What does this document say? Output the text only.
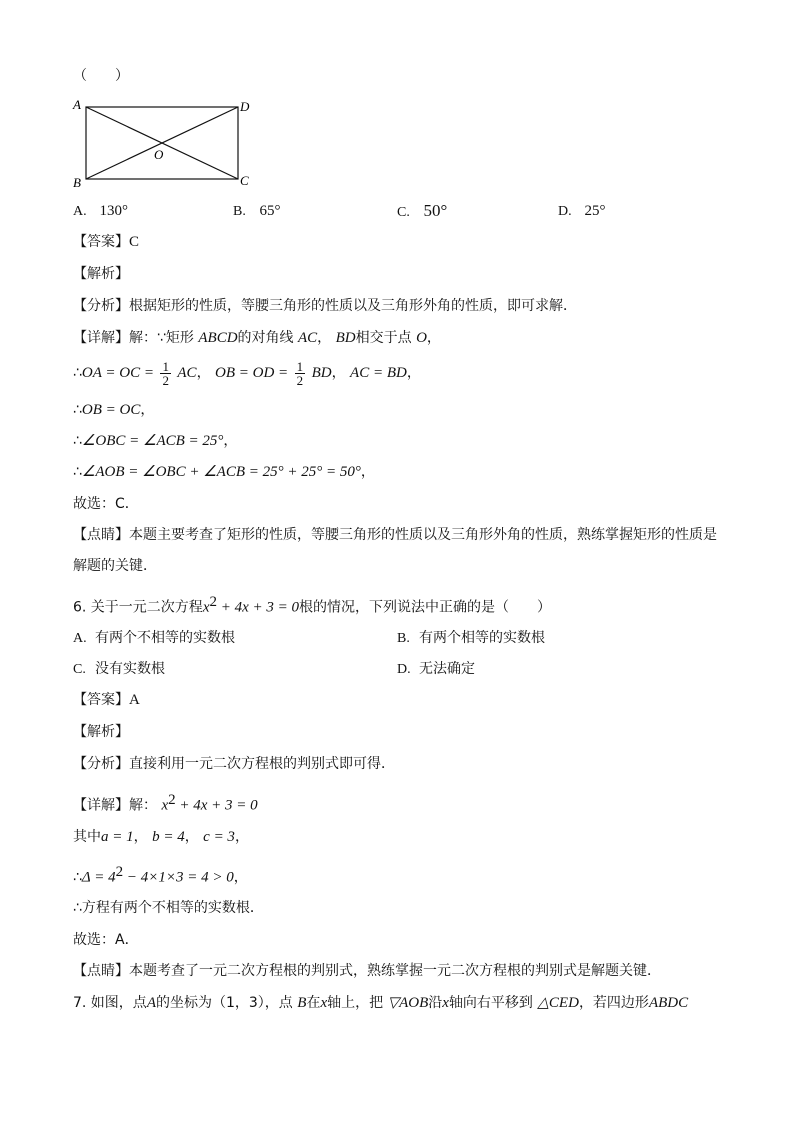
（　　）
A	D
B	C
O
A. 130°	B. 65°	C. 50°	D. 25°
【答案】C
【解析】
【分析】根据矩形的性质，等腰三角形的性质以及三角形外角的性质，即可求解．
【详解】解：∵矩形 ABCD的对角线 AC， BD相交于点 O，
∴OA = OC = $\frac{1}{2}$ AC， OB = OD = $\frac{1}{2}$ BD， AC = BD，
∴OB = OC，
∴∠OBC = ∠ACB = 25°，
∴∠AOB = ∠OBC + ∠ACB = 25° + 25° = 50°，
故选：C．
【点睛】本题主要考查了矩形的性质，等腰三角形的性质以及三角形外角的性质，熟练掌握矩形的性质是
解题的关键．
6. 关于一元二次方程$x^2 + 4x + 3 = 0$根的情况，下列说法中正确的是（　　）
A. 有两个不相等的实数根	B. 有两个相等的实数根
C. 没有实数根	D. 无法确定
【答案】A
【解析】
【分析】直接利用一元二次方程根的判别式即可得．
【详解】解： $x^2 + 4x + 3 = 0$
其中a = 1， b = 4， c = 3，
∴Δ = $4^2 - 4\times 1\times 3 = 4 > 0$，
∴方程有两个不相等的实数根．
故选：A．
【点睛】本题考查了一元二次方程根的判别式，熟练掌握一元二次方程根的判别式是解题关键．
7. 如图，点A的坐标为（1，3），点 B在x轴上，把 ▽AOB沿x轴向右平移到 △CED，若四边形ABDC
